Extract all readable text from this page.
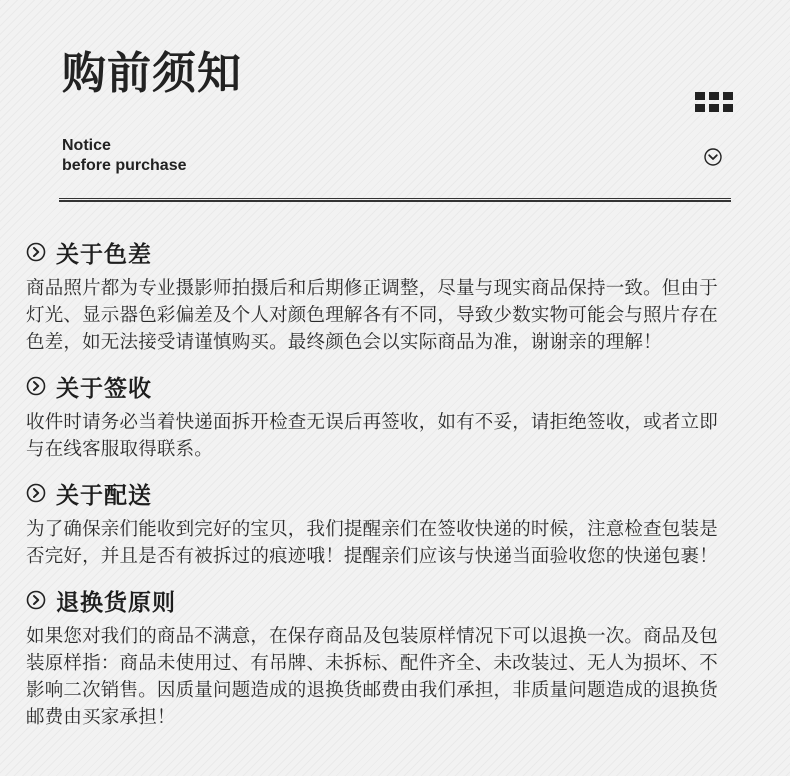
购前须知
Notice
before purchase
关于色差
商品照片都为专业摄影师拍摄后和后期修正调整，尽量与现实商品保持一致。但由于
灯光、显示器色彩偏差及个人对颜色理解各有不同，导致少数实物可能会与照片存在
色差，如无法接受请谨慎购买。最终颜色会以实际商品为准，谢谢亲的理解！
关于签收
收件时请务必当着快递面拆开检查无误后再签收，如有不妥，请拒绝签收，或者立即
与在线客服取得联系。
关于配送
为了确保亲们能收到完好的宝贝，我们提醒亲们在签收快递的时候，注意检查包装是
否完好，并且是否有被拆过的痕迹哦！提醒亲们应该与快递当面验收您的快递包裹！
退换货原则
如果您对我们的商品不满意，在保存商品及包装原样情况下可以退换一次。商品及包
装原样指：商品未使用过、有吊牌、未拆标、配件齐全、未改装过、无人为损坏、不
影响二次销售。因质量问题造成的退换货邮费由我们承担，非质量问题造成的退换货
邮费由买家承担！
